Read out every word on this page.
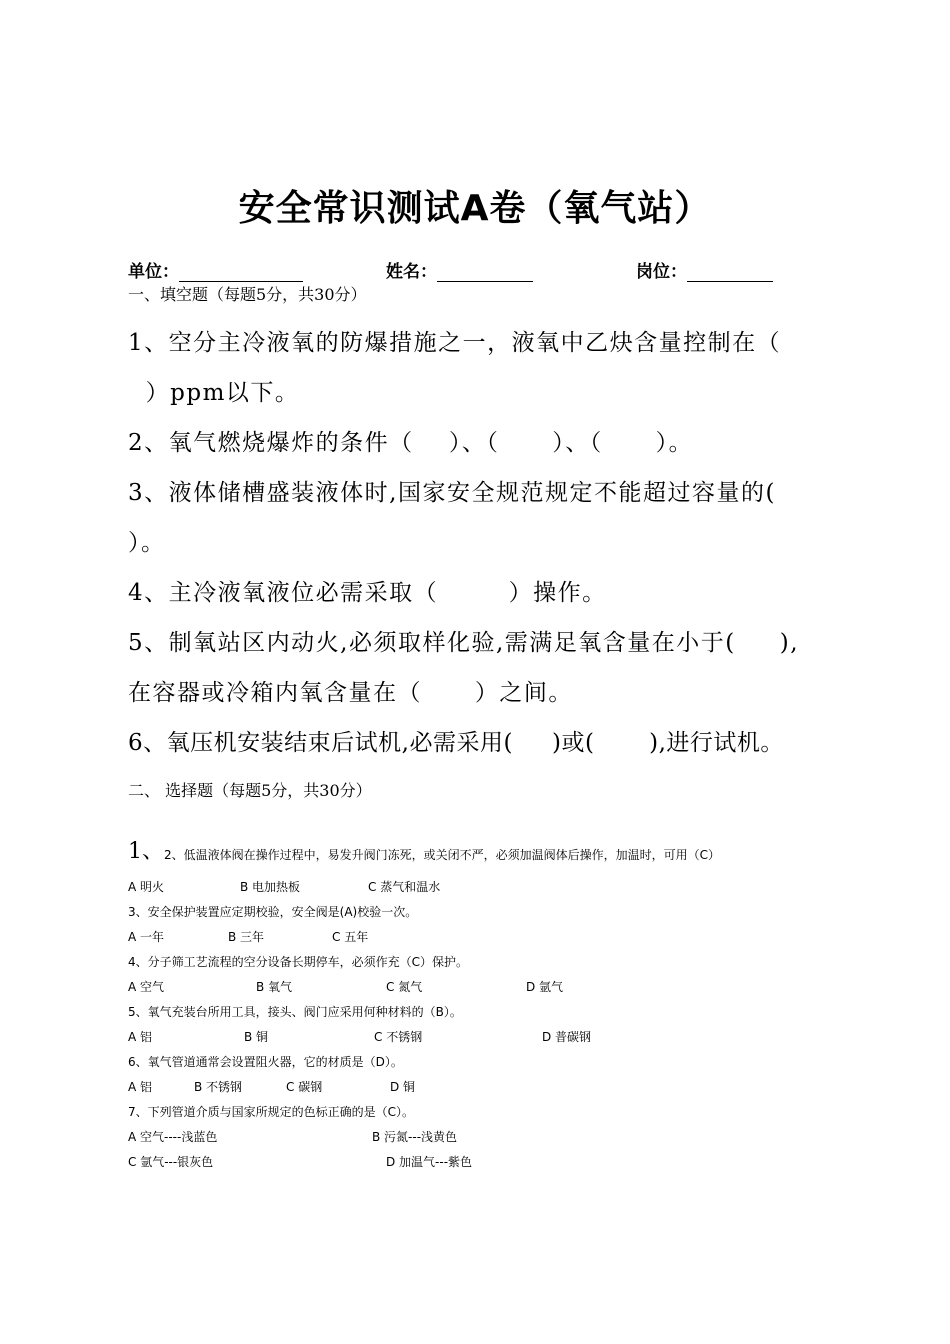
安全常识测试A卷（氧气站）
单位：	姓名：	岗位：
一、填空题（每题5分，共30分）
1、空分主冷液氧的防爆措施之一，液氧中乙炔含量控制在（
）ppm以下。
2、氧气燃烧爆炸的条件（    ）、（      ）、（      ）。
3、液体储槽盛装液体时,国家安全规范规定不能超过容量的(
）。
4、主冷液氧液位必需采取（        ）操作。
5、制氧站区内动火,必须取样化验,需满足氧含量在小于(     ),
在容器或冷箱内氧含量在（      ）之间。
6、氧压机安装结束后试机,必需采用(     )或(       ),进行试机。
二、 选择题（每题5分，共30分）
1、 2、低温液体阀在操作过程中，易发升阀门冻死，或关闭不严，必须加温阀体后操作，加温时，可用（C）
A 明火	B 电加热板	C 蒸气和温水
3、安全保护装置应定期校验，安全阀是(A)校验一次。
A 一年	B 三年	C 五年
4、分子筛工艺流程的空分设备长期停车，必须作充（C）保护。
A 空气	B 氧气	C 氮气	D 氩气
5、氧气充装台所用工具，接头、阀门应采用何种材料的（B）。
A 铝	B 铜	C 不锈钢	D 普碳钢
6、氧气管道通常会设置阻火器，它的材质是（D）。
A 铝	B 不锈钢	C 碳钢	D 铜
7、下列管道介质与国家所规定的色标正确的是（C）。
A 空气----浅蓝色	B 污氮---浅黄色
C 氩气---银灰色	D 加温气---紫色
